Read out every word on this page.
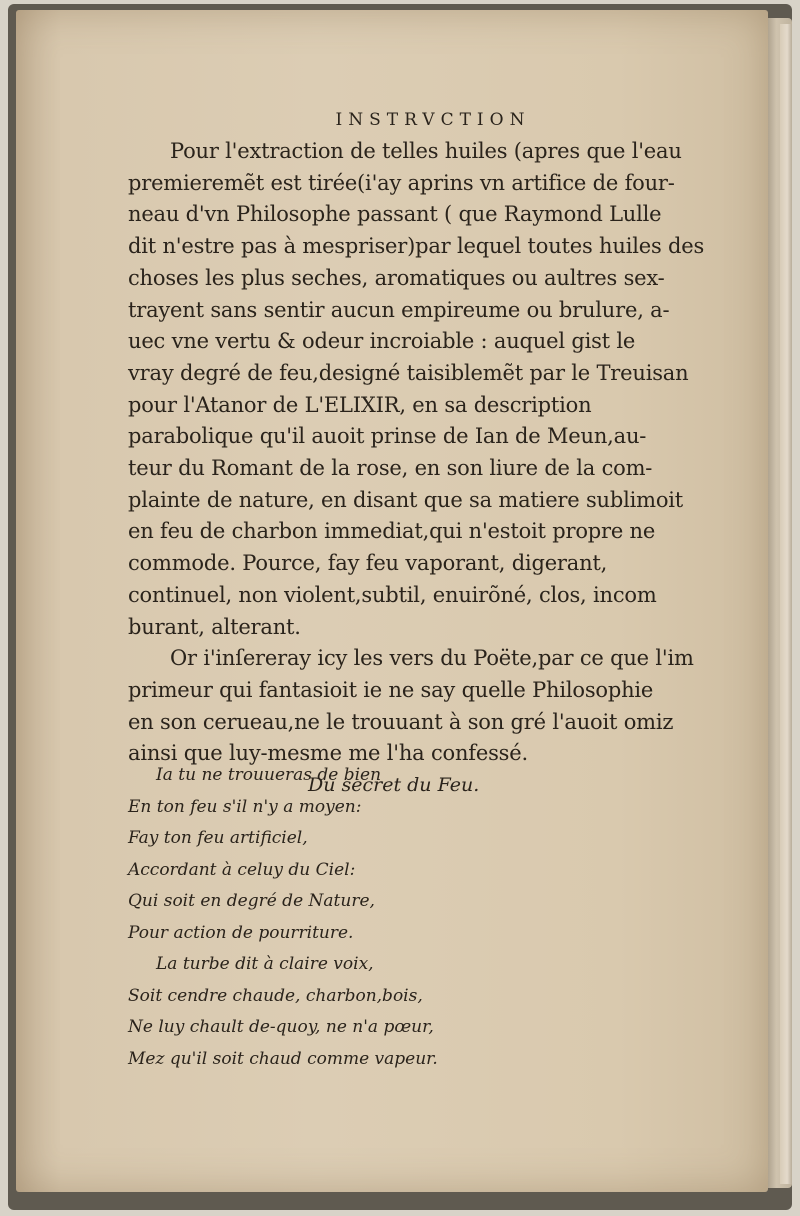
INSTRVCTION

Pour l'extraction de telles huiles (apres que l'eau
premieremẽt est tirée(i'ay aprins vn artifice de four-
neau d'vn Philosophe passant ( que Raymond Lulle
dit n'estre pas à mespriser)par lequel toutes huiles des
choses les plus seches, aromatiques ou aultres sex-
trayent sans sentir aucun empireume ou brulure, a-
uec vne vertu & odeur incroiable : auquel gist le
vray degré de feu,designé taisiblemẽt par le Treuisan
pour l'Atanor de L'ELIXIR, en sa description
parabolique qu'il auoit prinse de Ian de Meun,au-
teur du Romant de la rose, en son liure de la com-
plainte de nature, en disant que sa matiere sublimoit
en feu de charbon immediat,qui n'estoit propre ne
commode. Pource, fay feu vaporant, digerant,
continuel, non violent,subtil, enuirõné, clos, incom
burant, alterant.

Or i'inſereray icy les vers du Poëte,par ce que l'im
primeur qui fantasioit ie ne say quelle Philosophie
en son cerueau,ne le trouuant à son gré l'auoit omiz
ainsi que luy-mesme me l'ha confessé.

Du secret du Feu.

Ia tu ne trouueras de bien
En ton feu s'il n'y a moyen:
Fay ton feu artificiel,
Accordant à celuy du Ciel:
Qui soit en degré de Nature,
Pour action de pourriture.
La turbe dit à claire voix,
Soit cendre chaude, charbon,bois,
Ne luy chault de-quoy, ne n'a pœur,
Mez qu'il soit chaud comme vapeur.
